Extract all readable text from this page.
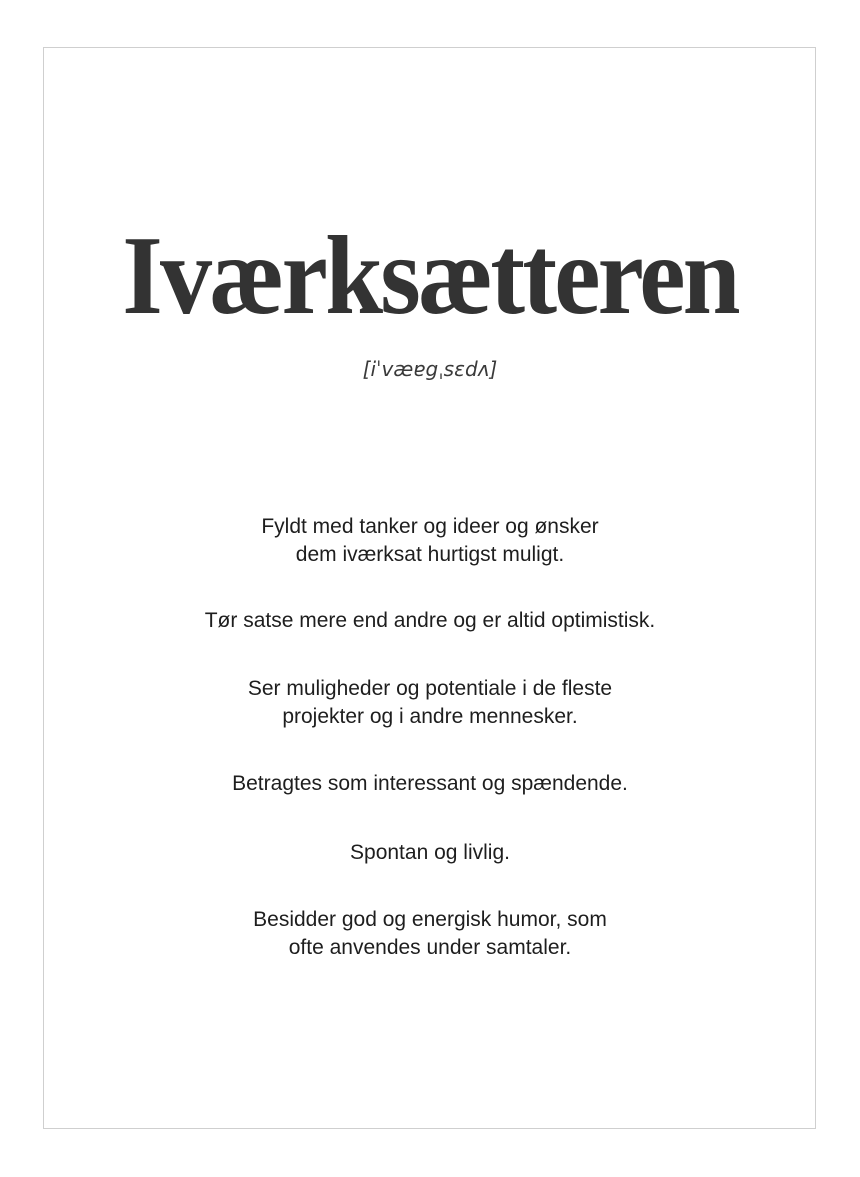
Iværksætteren
[iˈvæɐgˌsɛdʌ]
Fyldt med tanker og ideer og ønsker
dem iværksat hurtigst muligt.
Tør satse mere end andre og er altid optimistisk.
Ser muligheder og potentiale i de fleste
projekter og i andre mennesker.
Betragtes som interessant og spændende.
Spontan og livlig.
Besidder god og energisk humor, som
ofte anvendes under samtaler.
